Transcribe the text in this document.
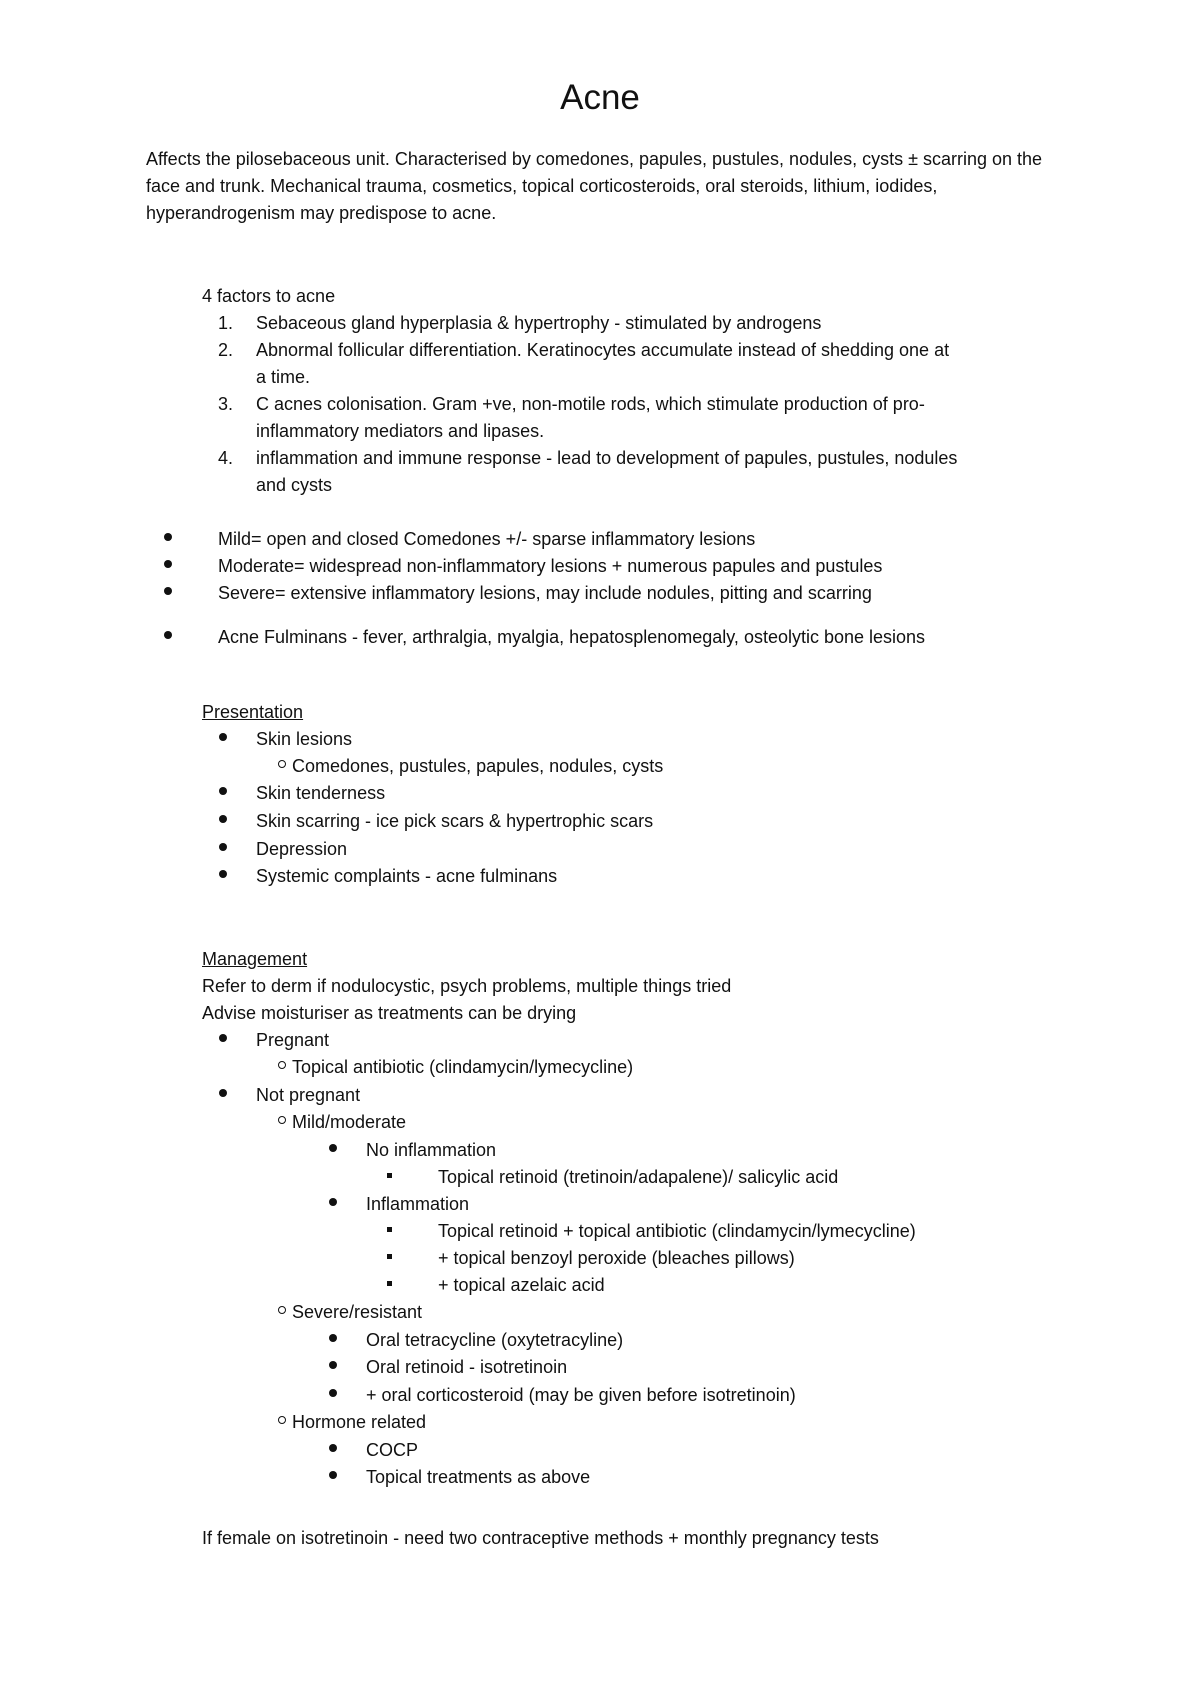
Acne

Affects the pilosebaceous unit. Characterised by comedones, papules, pustules, nodules, cysts ± scarring on the face and trunk. Mechanical trauma, cosmetics, topical corticosteroids, oral steroids, lithium, iodides, hyperandrogenism may predispose to acne.

4 factors to acne
1. Sebaceous gland hyperplasia & hypertrophy - stimulated by androgens
2. Abnormal follicular differentiation. Keratinocytes accumulate instead of shedding one at
a time.
3. C acnes colonisation. Gram +ve, non-motile rods, which stimulate production of pro-
inflammatory mediators and lipases.
4. inflammation and immune response - lead to development of papules, pustules, nodules
and cysts
Mild= open and closed Comedones +/- sparse inflammatory lesions
Moderate= widespread non-inflammatory lesions + numerous papules and pustules
Severe= extensive inflammatory lesions, may include nodules, pitting and scarring
Acne Fulminans - fever, arthralgia, myalgia, hepatosplenomegaly, osteolytic bone lesions
Presentation
Skin lesions
Comedones, pustules, papules, nodules, cysts
Skin tenderness
Skin scarring - ice pick scars & hypertrophic scars
Depression
Systemic complaints - acne fulminans
Management
Refer to derm if nodulocystic, psych problems, multiple things tried
Advise moisturiser as treatments can be drying
Pregnant
Topical antibiotic (clindamycin/lymecycline)
Not pregnant
Mild/moderate
No inflammation
Topical retinoid (tretinoin/adapalene)/ salicylic acid
Inflammation
Topical retinoid + topical antibiotic (clindamycin/lymecycline)
+ topical benzoyl peroxide (bleaches pillows)
+ topical azelaic acid
Severe/resistant
Oral tetracycline (oxytetracyline)
Oral retinoid - isotretinoin
+ oral corticosteroid (may be given before isotretinoin)
Hormone related
COCP
Topical treatments as above
If female on isotretinoin - need two contraceptive methods + monthly pregnancy tests
